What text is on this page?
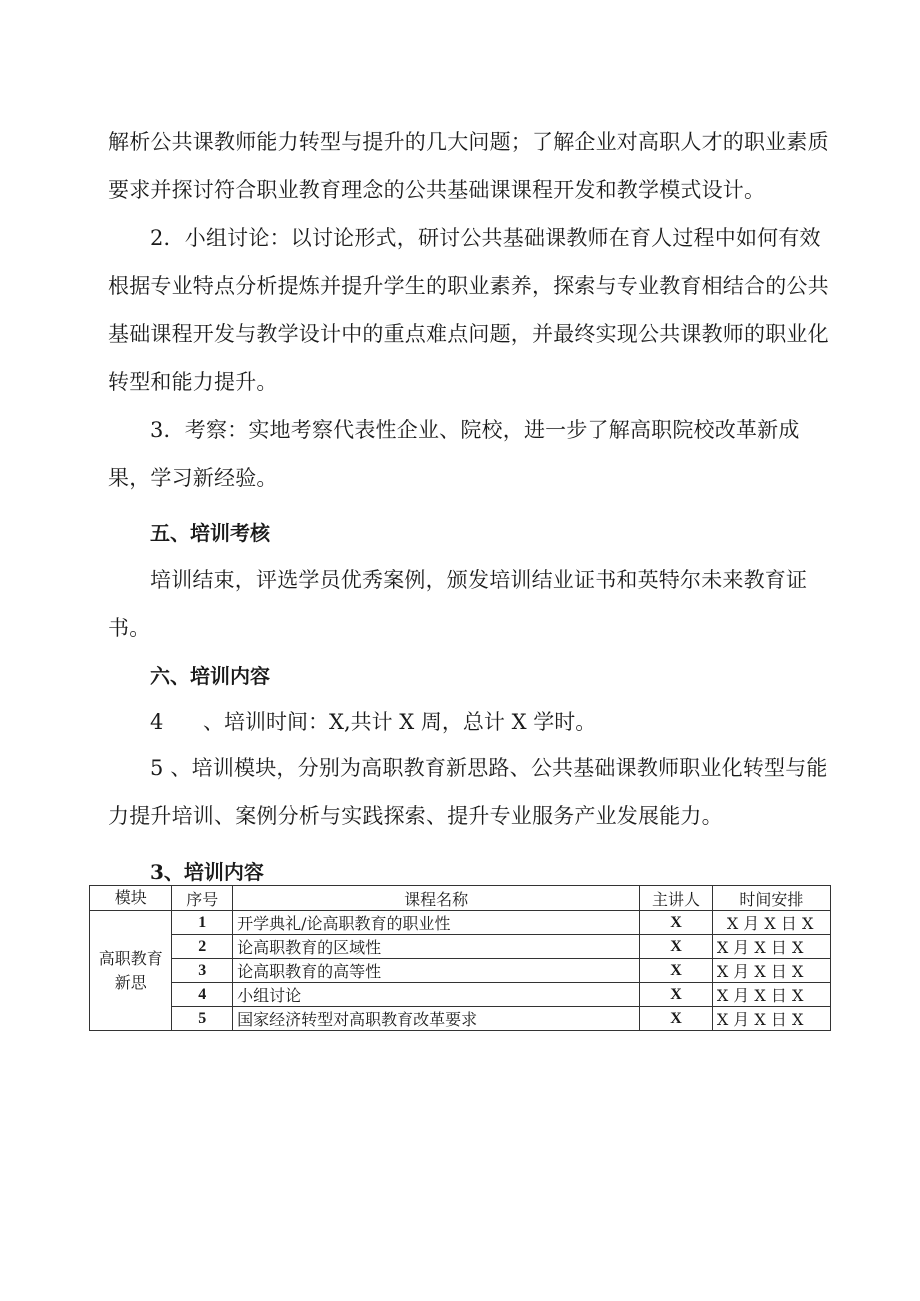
解析公共课教师能力转型与提升的几大问题；了解企业对高职人才的职业素质要求并探讨符合职业教育理念的公共基础课课程开发和教学模式设计。

2．小组讨论：以讨论形式，研讨公共基础课教师在育人过程中如何有效根据专业特点分析提炼并提升学生的职业素养，探索与专业教育相结合的公共基础课程开发与教学设计中的重点难点问题，并最终实现公共课教师的职业化转型和能力提升。

3．考察：实地考察代表性企业、院校，进一步了解高职院校改革新成果，学习新经验。

五、培训考核

培训结束，评选学员优秀案例，颁发培训结业证书和英特尔未来教育证书。

六、培训内容
4 、培训时间：X,共计 X 周，总计 X 学时。

5 、培训模块，分别为高职教育新思路、公共基础课教师职业化转型与能力提升培训、案例分析与实践探索、提升专业服务产业发展能力。

3、培训内容
模块	序号	课程名称	主讲人	时间安排
高职教育新思	1	开学典礼/论高职教育的职业性	X	X 月 X 日 X
	2	论高职教育的区域性	X	X 月 X 日 X
	3	论高职教育的高等性	X	X 月 X 日 X
	4	小组讨论	X	X 月 X 日 X
	5	国家经济转型对高职教育改革要求	X	X 月 X 日 X
